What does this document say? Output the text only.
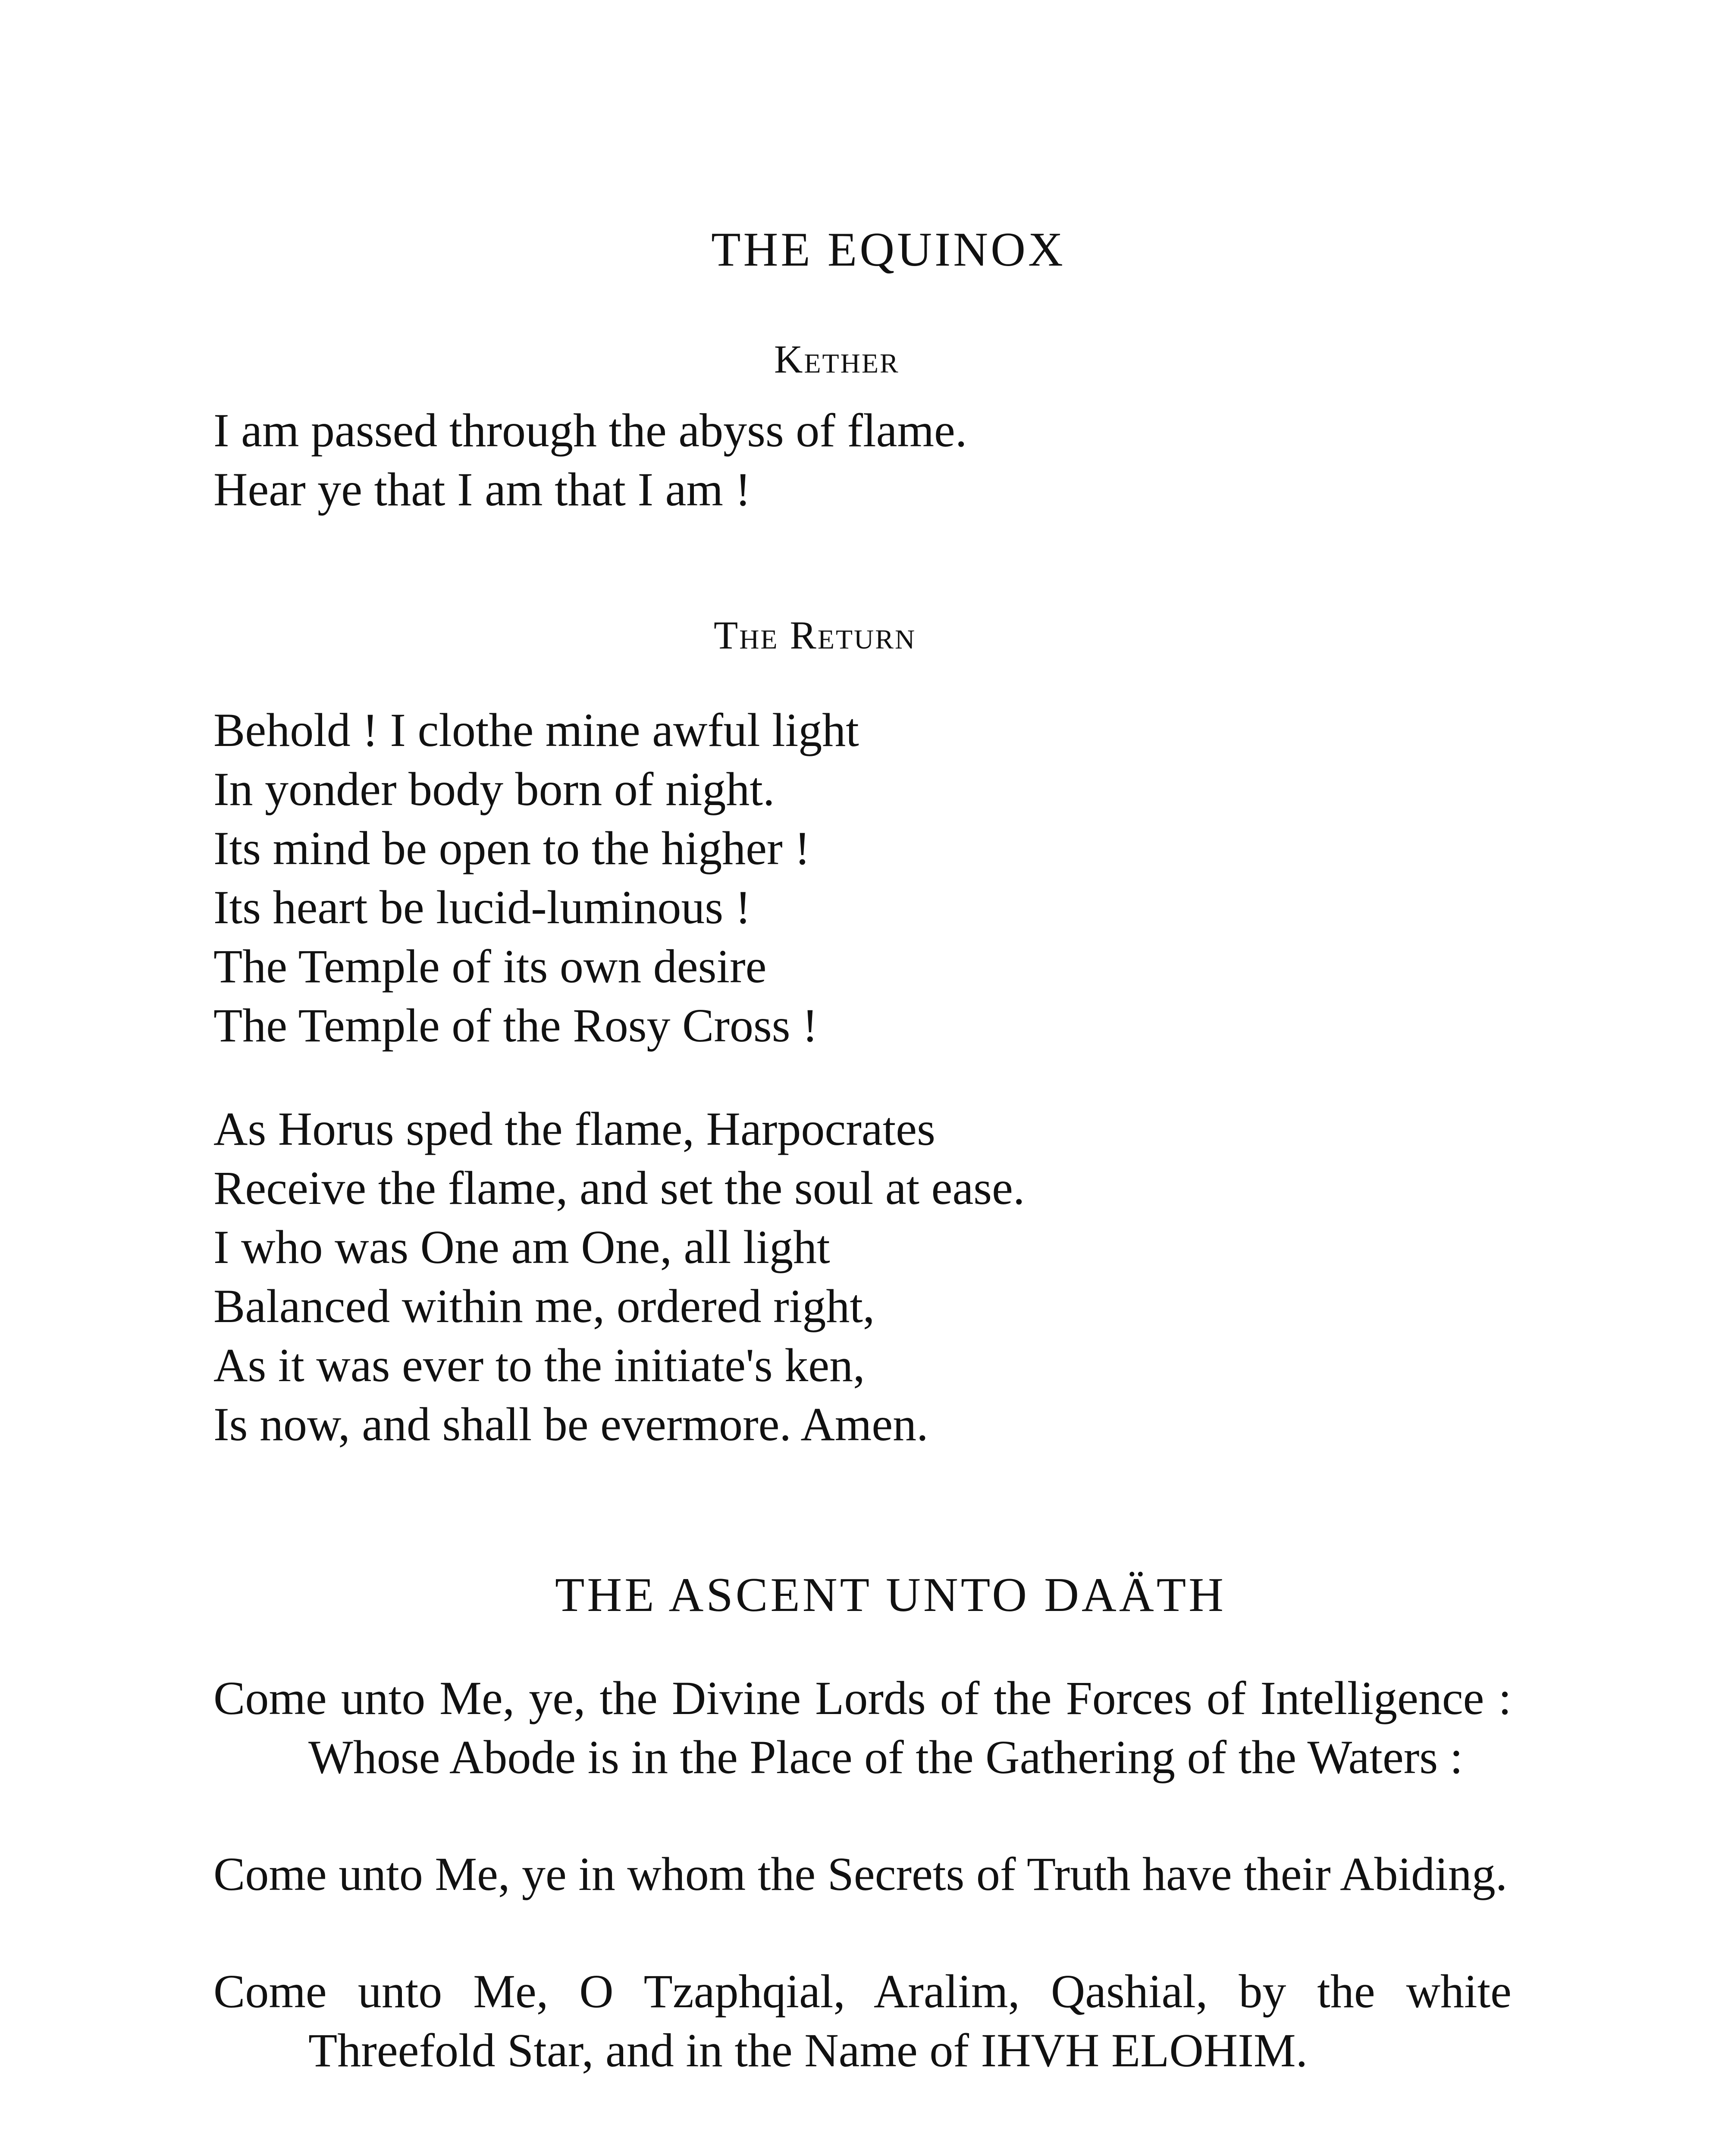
THE EQUINOX
Kether
I am passed through the abyss of flame.
Hear ye that I am that I am !
The Return
Behold ! I clothe mine awful light
In yonder body born of night.
Its mind be open to the higher !
Its heart be lucid-luminous !
The Temple of its own desire
The Temple of the Rosy Cross !
As Horus sped the flame, Harpocrates
Receive the flame, and set the soul at ease.
I who was One am One, all light
Balanced within me, ordered right,
As it was ever to the initiate's ken,
Is now, and shall be evermore. Amen.
THE ASCENT UNTO DAÄTH
Come unto Me, ye, the Divine Lords of the Forces of Intelligence : Whose Abode is in the Place of the Gathering of the Waters :
Come unto Me, ye in whom the Secrets of Truth have their Abiding.
Come unto Me, O Tzaphqial, Aralim, Qashial, by the white Threefold Star, and in the Name of IHVH ELOHIM.
